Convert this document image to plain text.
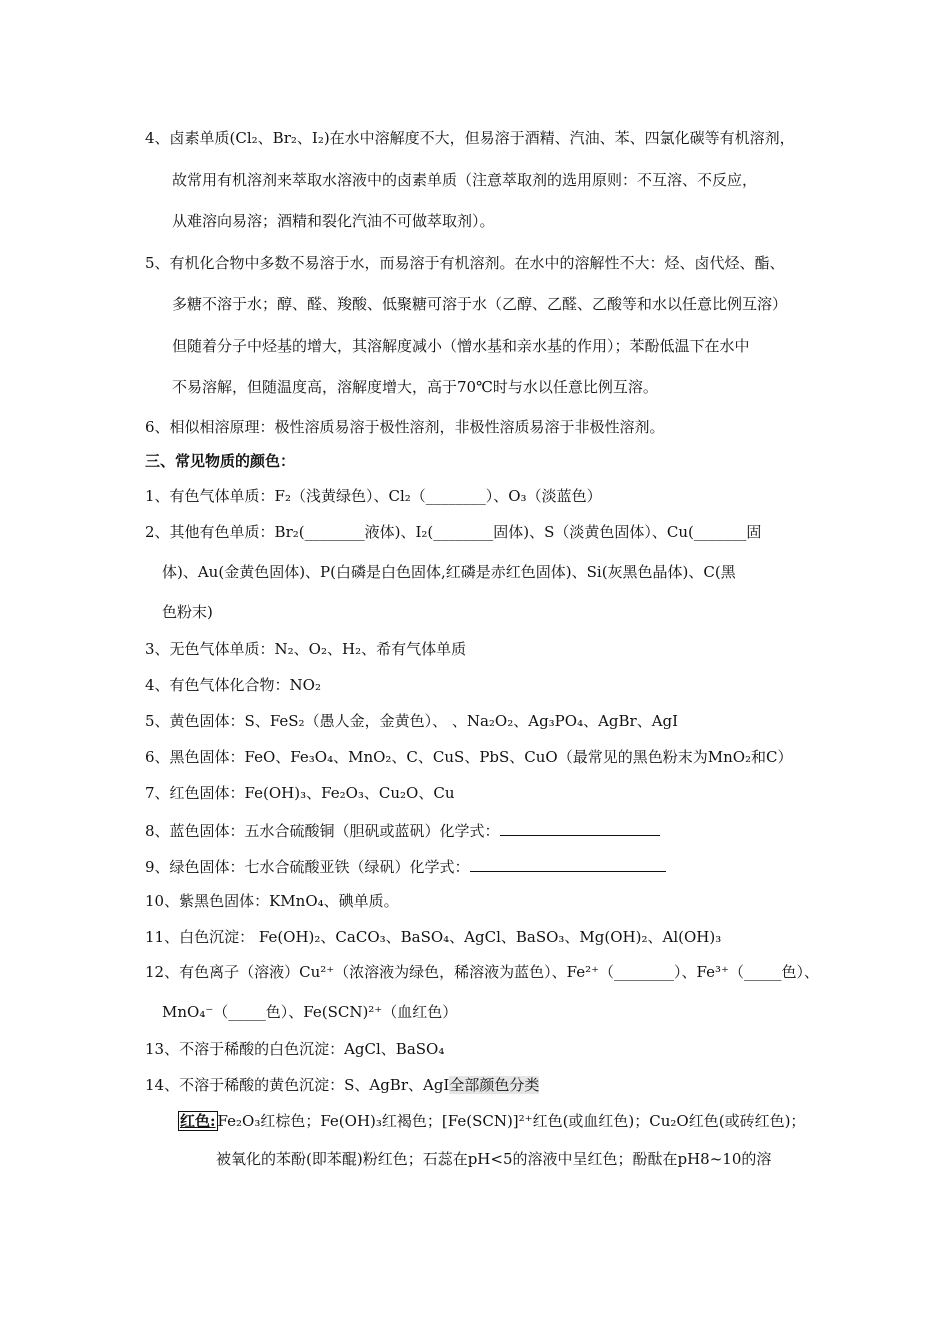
4、卤素单质(Cl₂、Br₂、I₂)在水中溶解度不大，但易溶于酒精、汽油、苯、四氯化碳等有机溶剂，
故常用有机溶剂来萃取水溶液中的卤素单质（注意萃取剂的选用原则：不互溶、不反应，
从难溶向易溶；酒精和裂化汽油不可做萃取剂）。
5、有机化合物中多数不易溶于水，而易溶于有机溶剂。在水中的溶解性不大：烃、卤代烃、酯、
多糖不溶于水；醇、醛、羧酸、低聚糖可溶于水（乙醇、乙醛、乙酸等和水以任意比例互溶）
但随着分子中烃基的增大，其溶解度减小（憎水基和亲水基的作用）；苯酚低温下在水中
不易溶解，但随温度高，溶解度增大，高于70℃时与水以任意比例互溶。
6、相似相溶原理：极性溶质易溶于极性溶剂，非极性溶质易溶于非极性溶剂。
三、常见物质的颜色：
1、有色气体单质：F₂（浅黄绿色）、Cl₂（________）、O₃（淡蓝色）
2、其他有色单质：Br₂(________液体)、I₂(________固体)、S（淡黄色固体）、Cu(_______固
体)、Au(金黄色固体)、P(白磷是白色固体,红磷是赤红色固体)、Si(灰黑色晶体)、C(黑
色粉末)
3、无色气体单质：N₂、O₂、H₂、希有气体单质
4、有色气体化合物：NO₂
5、黄色固体：S、FeS₂（愚人金，金黄色）、 、Na₂O₂、Ag₃PO₄、AgBr、AgI
6、黑色固体：FeO、Fe₃O₄、MnO₂、C、CuS、PbS、CuO（最常见的黑色粉末为MnO₂和C）
7、红色固体：Fe(OH)₃、Fe₂O₃、Cu₂O、Cu
8、蓝色固体：五水合硫酸铜（胆矾或蓝矾）化学式：
9、绿色固体：七水合硫酸亚铁（绿矾）化学式：
10、紫黑色固体：KMnO₄、碘单质。
11、白色沉淀： Fe(OH)₂、CaCO₃、BaSO₄、AgCl、BaSO₃、Mg(OH)₂、Al(OH)₃
12、有色离子（溶液）Cu²⁺（浓溶液为绿色，稀溶液为蓝色）、Fe²⁺（________）、Fe³⁺（_____色）、
MnO₄⁻（_____色）、Fe(SCN)²⁺（血红色）
13、不溶于稀酸的白色沉淀：AgCl、BaSO₄
14、不溶于稀酸的黄色沉淀：S、AgBr、AgI全部颜色分类
红色: Fe₂O₃红棕色；Fe(OH)₃红褐色；[Fe(SCN)]²⁺红色(或血红色)；Cu₂O红色(或砖红色)；
被氧化的苯酚(即苯醌)粉红色；石蕊在pH<5的溶液中呈红色；酚酞在pH8~10的溶
